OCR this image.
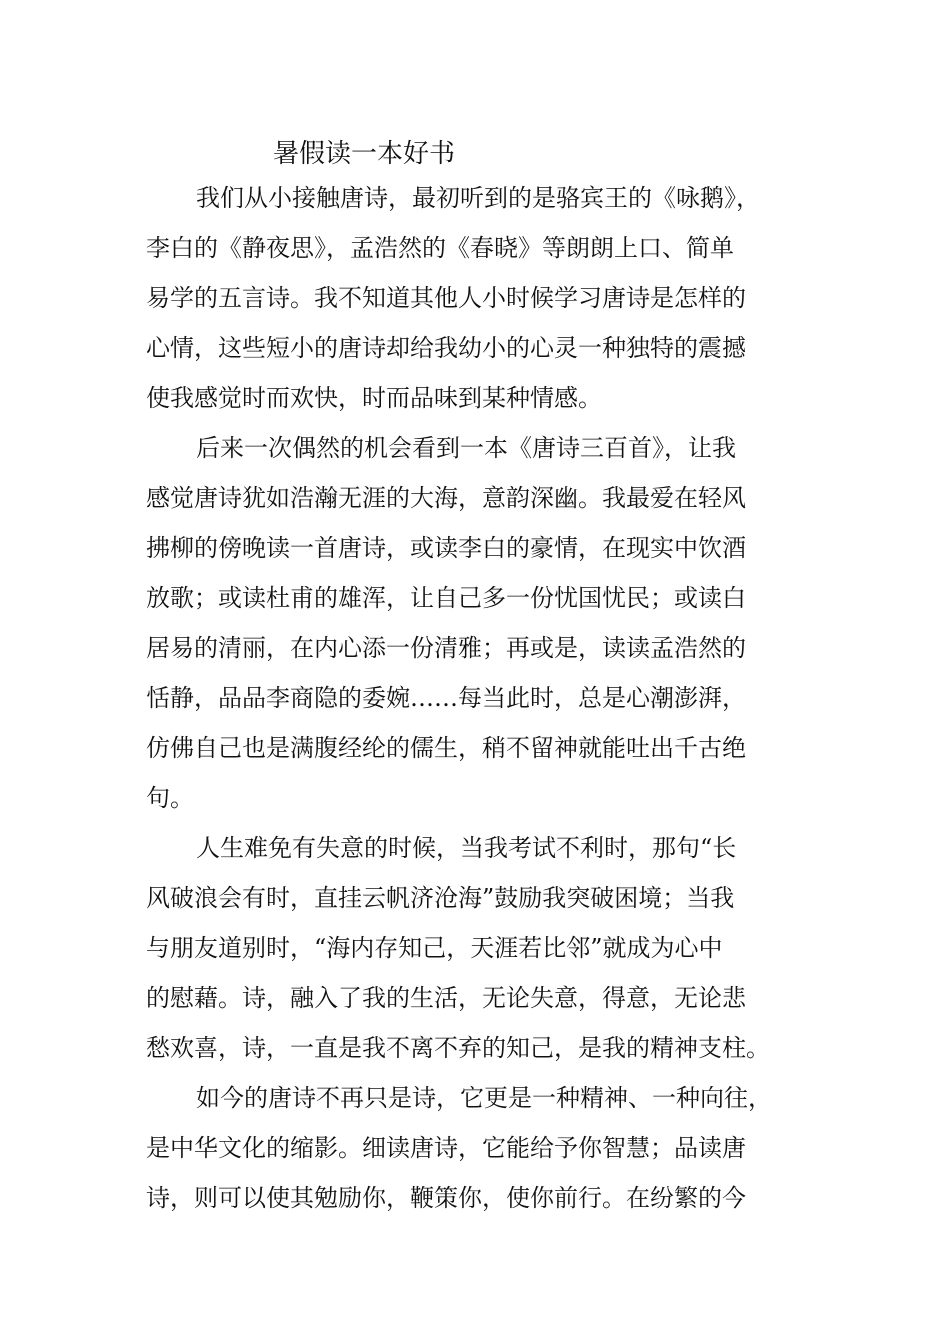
暑假读一本好书

我们从小接触唐诗，最初听到的是骆宾王的《咏鹅》，

李白的《静夜思》，孟浩然的《春晓》等朗朗上口、简单

易学的五言诗。我不知道其他人小时候学习唐诗是怎样的

心情，这些短小的唐诗却给我幼小的心灵一种独特的震撼

使我感觉时而欢快，时而品味到某种情感。

后来一次偶然的机会看到一本《唐诗三百首》，让我

感觉唐诗犹如浩瀚无涯的大海，意韵深幽。我最爱在轻风

拂柳的傍晚读一首唐诗，或读李白的豪情，在现实中饮酒

放歌；或读杜甫的雄浑，让自己多一份忧国忧民；或读白

居易的清丽，在内心添一份清雅；再或是，读读孟浩然的

恬静，品品李商隐的委婉……每当此时，总是心潮澎湃，

仿佛自己也是满腹经纶的儒生，稍不留神就能吐出千古绝

句。

人生难免有失意的时候，当我考试不利时，那句“长

风破浪会有时，直挂云帆济沧海”鼓励我突破困境；当我

与朋友道别时，“海内存知己，天涯若比邻”就成为心中

的慰藉。诗，融入了我的生活，无论失意，得意，无论悲

愁欢喜，诗，一直是我不离不弃的知己，是我的精神支柱。

如今的唐诗不再只是诗，它更是一种精神、一种向往，

是中华文化的缩影。细读唐诗，它能给予你智慧；品读唐

诗，则可以使其勉励你，鞭策你，使你前行。在纷繁的今
